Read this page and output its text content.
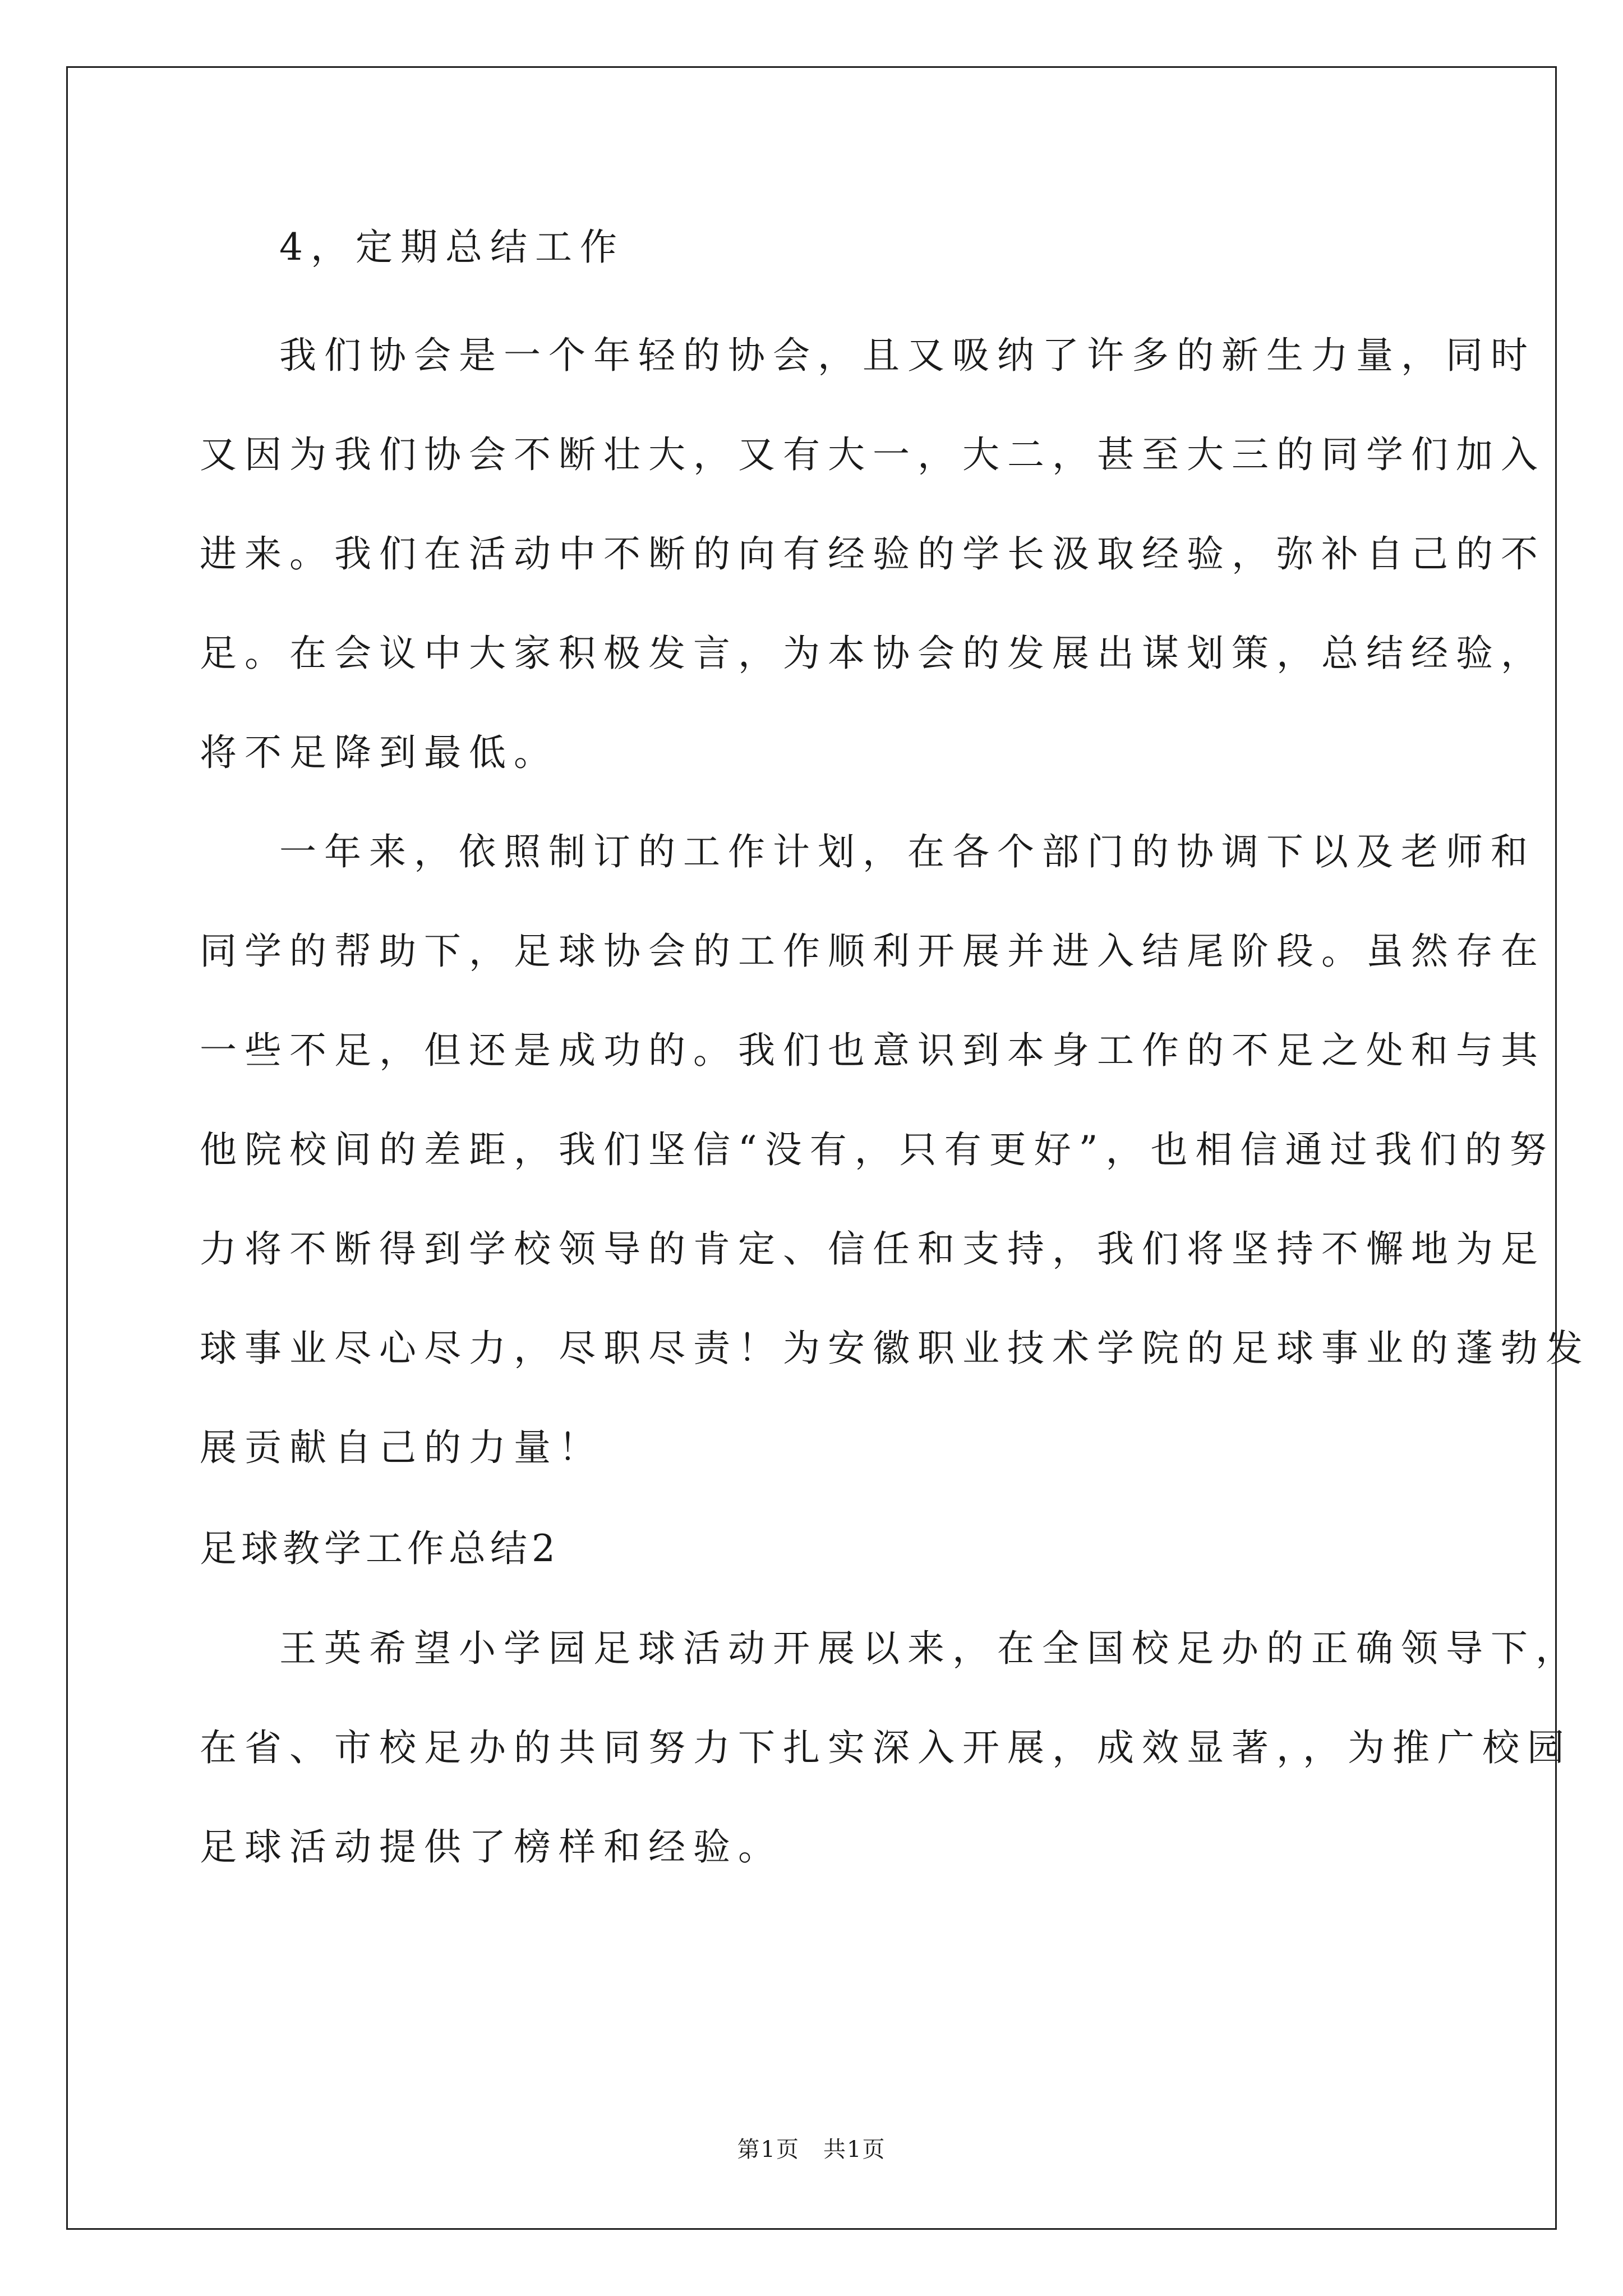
4，定期总结工作
我们协会是一个年轻的协会，且又吸纳了许多的新生力量，同时
又因为我们协会不断壮大，又有大一，大二，甚至大三的同学们加入
进来。我们在活动中不断的向有经验的学长汲取经验，弥补自己的不
足。在会议中大家积极发言，为本协会的发展出谋划策，总结经验，
将不足降到最低。
一年来，依照制订的工作计划，在各个部门的协调下以及老师和
同学的帮助下，足球协会的工作顺利开展并进入结尾阶段。虽然存在
一些不足，但还是成功的。我们也意识到本身工作的不足之处和与其
他院校间的差距，我们坚信“没有，只有更好”，也相信通过我们的努
力将不断得到学校领导的肯定、信任和支持，我们将坚持不懈地为足
球事业尽心尽力，尽职尽责！为安徽职业技术学院的足球事业的蓬勃发
展贡献自己的力量！
足球教学工作总结2
王英希望小学园足球活动开展以来，在全国校足办的正确领导下，
在省、市校足办的共同努力下扎实深入开展，成效显著，，为推广校园
足球活动提供了榜样和经验。
第1页　共1页
